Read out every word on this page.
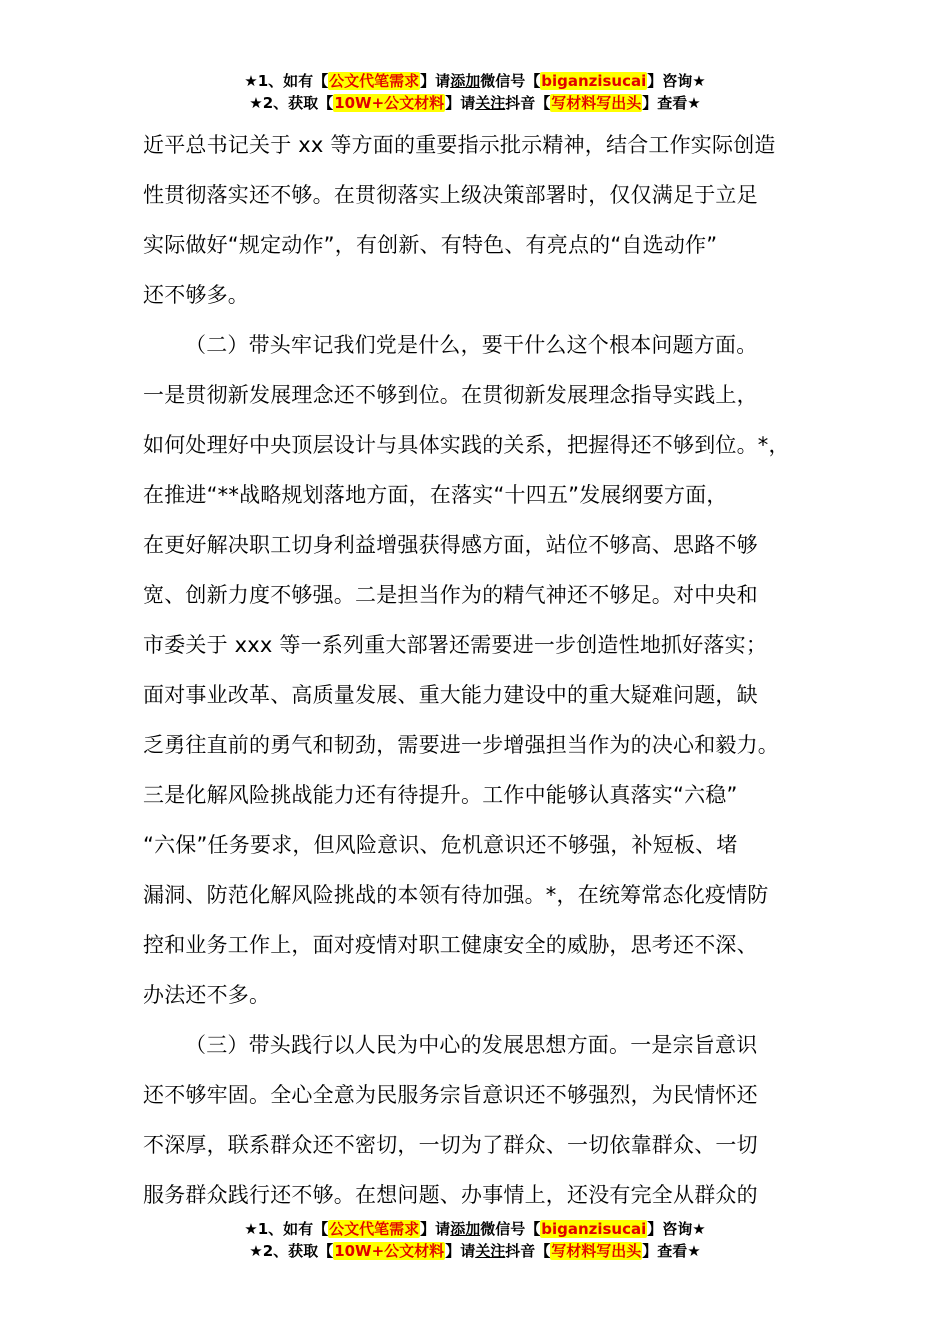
★1、如有【公文代笔需求】请添加微信号【biganzisucai】咨询★
★2、获取【10W+公文材料】请关注抖音【写材料写出头】查看★

近平总书记关于 xx 等方面的重要指示批示精神，结合工作实际创造

性贯彻落实还不够。在贯彻落实上级决策部署时，仅仅满足于立足

实际做好“规定动作”，有创新、有特色、有亮点的“自选动作”

还不够多。

（二）带头牢记我们党是什么，要干什么这个根本问题方面。

一是贯彻新发展理念还不够到位。在贯彻新发展理念指导实践上，

如何处理好中央顶层设计与具体实践的关系，把握得还不够到位。*，

在推进“**战略规划落地方面，在落实“十四五”发展纲要方面，

在更好解决职工切身利益增强获得感方面，站位不够高、思路不够

宽、创新力度不够强。二是担当作为的精气神还不够足。对中央和

市委关于 xxx 等一系列重大部署还需要进一步创造性地抓好落实；

面对事业改革、高质量发展、重大能力建设中的重大疑难问题，缺

乏勇往直前的勇气和韧劲，需要进一步增强担当作为的决心和毅力。

三是化解风险挑战能力还有待提升。工作中能够认真落实“六稳”

“六保”任务要求，但风险意识、危机意识还不够强，补短板、堵

漏洞、防范化解风险挑战的本领有待加强。*，在统筹常态化疫情防

控和业务工作上，面对疫情对职工健康安全的威胁，思考还不深、

办法还不多。

（三）带头践行以人民为中心的发展思想方面。一是宗旨意识

还不够牢固。全心全意为民服务宗旨意识还不够强烈，为民情怀还

不深厚，联系群众还不密切，一切为了群众、一切依靠群众、一切

服务群众践行还不够。在想问题、办事情上，还没有完全从群众的

★1、如有【公文代笔需求】请添加微信号【biganzisucai】咨询★
★2、获取【10W+公文材料】请关注抖音【写材料写出头】查看★
